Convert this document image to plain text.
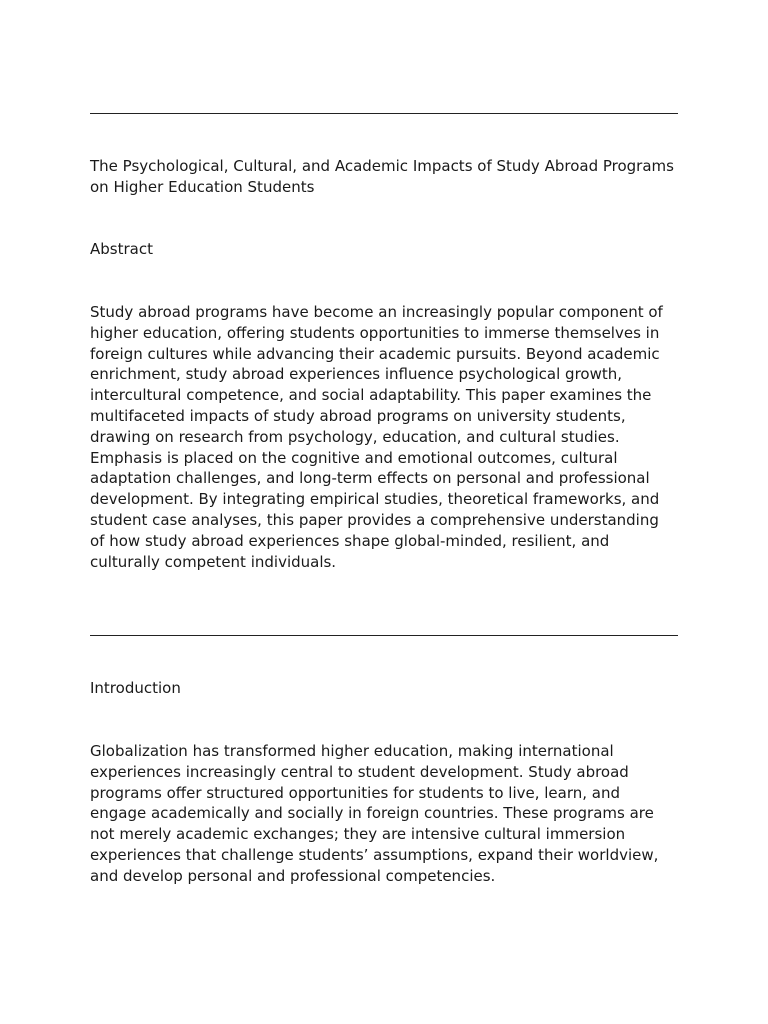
The Psychological, Cultural, and Academic Impacts of Study Abroad Programs on Higher Education Students

Abstract

Study abroad programs have become an increasingly popular component of higher education, offering students opportunities to immerse themselves in foreign cultures while advancing their academic pursuits. Beyond academic enrichment, study abroad experiences influence psychological growth, intercultural competence, and social adaptability. This paper examines the multifaceted impacts of study abroad programs on university students, drawing on research from psychology, education, and cultural studies. Emphasis is placed on the cognitive and emotional outcomes, cultural adaptation challenges, and long-term effects on personal and professional development. By integrating empirical studies, theoretical frameworks, and student case analyses, this paper provides a comprehensive understanding of how study abroad experiences shape global-minded, resilient, and culturally competent individuals.

Introduction

Globalization has transformed higher education, making international experiences increasingly central to student development. Study abroad programs offer structured opportunities for students to live, learn, and engage academically and socially in foreign countries. These programs are not merely academic exchanges; they are intensive cultural immersion experiences that challenge students’ assumptions, expand their worldview, and develop personal and professional competencies.
